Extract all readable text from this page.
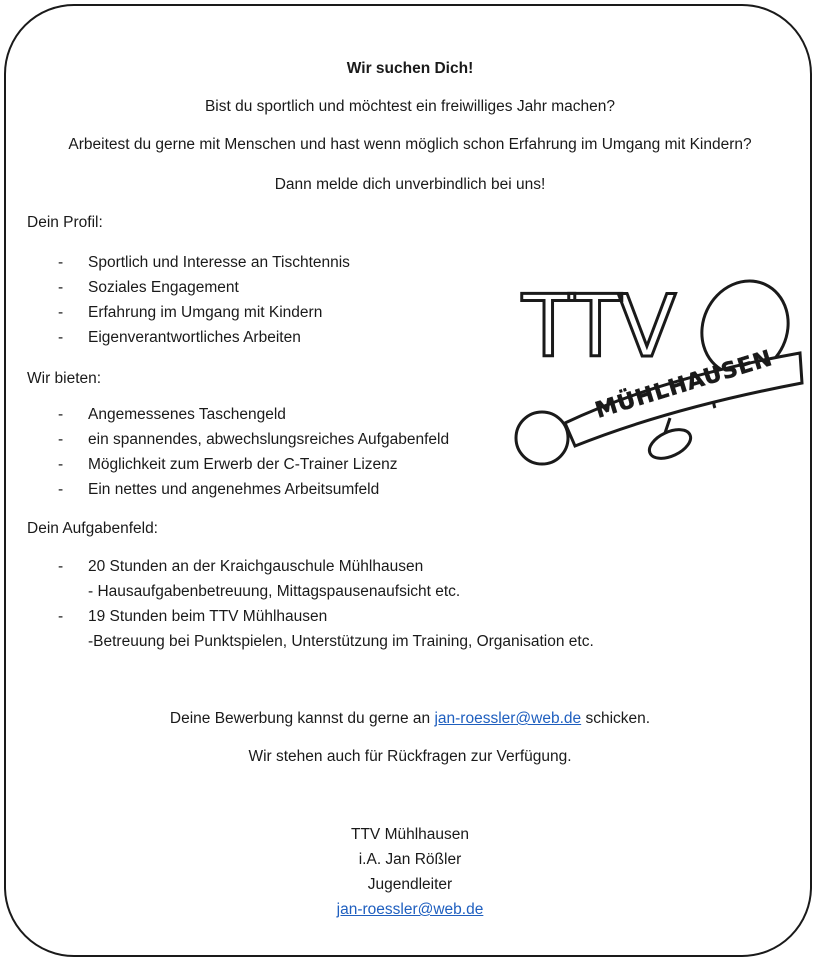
Wir suchen Dich!
Bist du sportlich und möchtest ein freiwilliges Jahr machen?
Arbeitest du gerne mit Menschen und hast wenn möglich schon Erfahrung im Umgang mit Kindern?
Dann melde dich unverbindlich bei uns!
Dein Profil:
- Sportlich und Interesse an Tischtennis
- Soziales Engagement
- Erfahrung im Umgang mit Kindern
- Eigenverantwortliches Arbeiten
Wir bieten:
- Angemessenes Taschengeld
- ein spannendes, abwechslungsreiches Aufgabenfeld
- Möglichkeit zum Erwerb der C-Trainer Lizenz
- Ein nettes und angenehmes Arbeitsumfeld
Dein Aufgabenfeld:
- 20 Stunden an der Kraichgauschule Mühlhausen
- Hausaufgabenbetreuung, Mittagspausenaufsicht etc.
- 19 Stunden beim TTV Mühlhausen
-Betreuung bei Punktspielen, Unterstützung im Training, Organisation etc.
Deine Bewerbung kannst du gerne an jan-roessler@web.de schicken.
Wir stehen auch für Rückfragen zur Verfügung.
TTV Mühlhausen
i.A. Jan Rößler
Jugendleiter
jan-roessler@web.de
MÜHLHAUSEN
TTV
